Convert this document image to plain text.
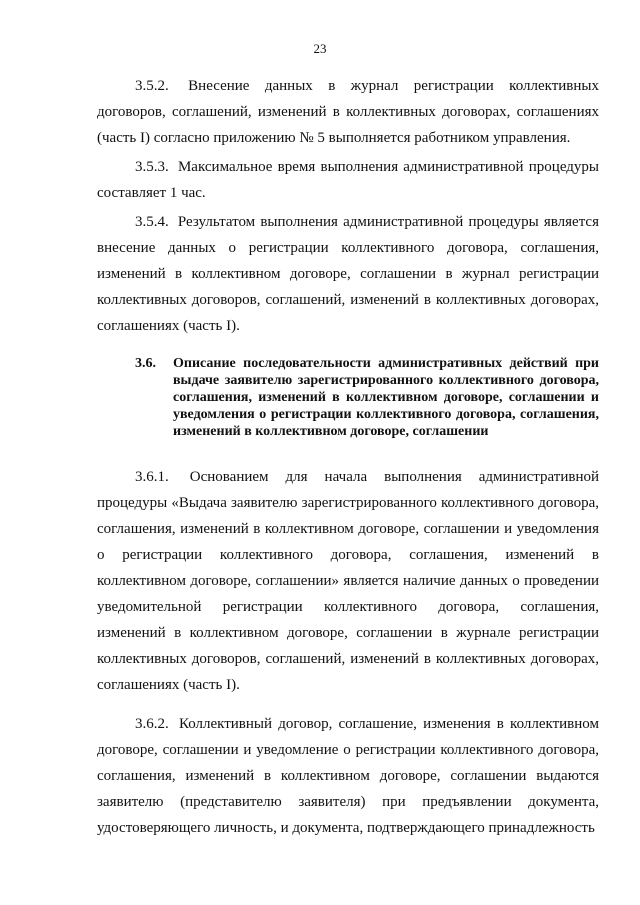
23

3.5.2. Внесение данных в журнал регистрации коллективных договоров, соглашений, изменений в коллективных договорах, соглашениях (часть I) согласно приложению № 5 выполняется работником управления.

3.5.3. Максимальное время выполнения административной процедуры составляет 1 час.

3.5.4. Результатом выполнения административной процедуры является внесение данных о регистрации коллективного договора, соглашения, изменений в коллективном договоре, соглашении в журнал регистрации коллективных договоров, соглашений, изменений в коллективных договорах, соглашениях (часть I).

3.6.	Описание последовательности административных действий при выдаче заявителю зарегистрированного коллективного договора, соглашения, изменений в коллективном договоре, соглашении и уведомления о регистрации коллективного договора, соглашения, изменений в коллективном договоре, соглашении

3.6.1. Основанием для начала выполнения административной процедуры «Выдача заявителю зарегистрированного коллективного договора, соглашения, изменений в коллективном договоре, соглашении и уведомления о регистрации коллективного договора, соглашения, изменений в коллективном договоре, соглашении» является наличие данных о проведении уведомительной регистрации коллективного договора, соглашения, изменений в коллективном договоре, соглашении в журнале регистрации коллективных договоров, соглашений, изменений в коллективных договорах, соглашениях (часть I).

3.6.2. Коллективный договор, соглашение, изменения в коллективном договоре, соглашении и уведомление о регистрации коллективного договора, соглашения, изменений в коллективном договоре, соглашении выдаются заявителю (представителю заявителя) при предъявлении документа, удостоверяющего личность, и документа, подтверждающего принадлежность
